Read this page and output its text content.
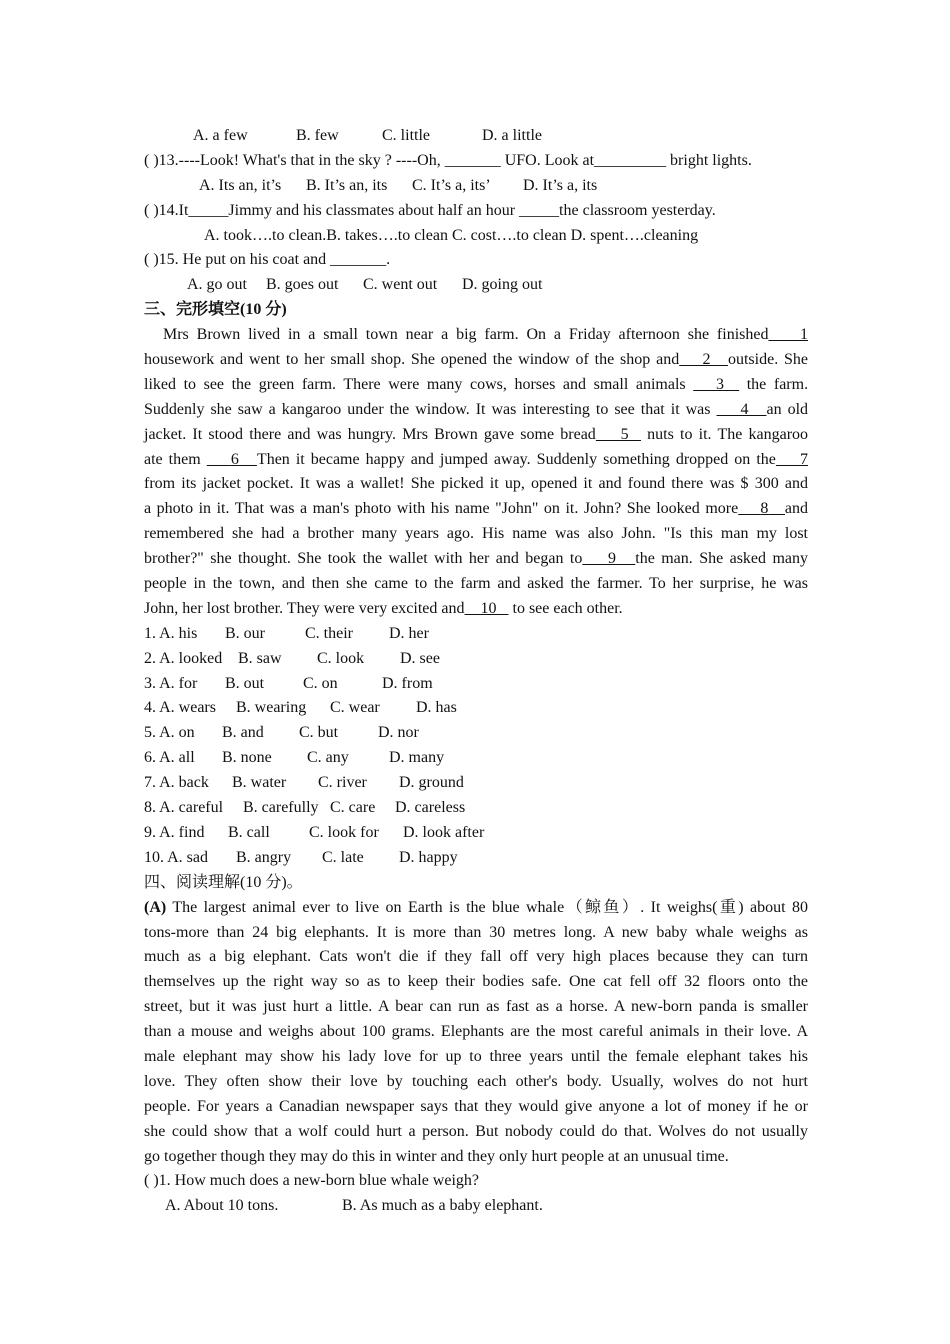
A. a few	B. few	C. little	D. a little
( )13.----Look! What's that in the sky ? ----Oh, _______ UFO. Look at_________ bright lights.
A. Its an, it’s B. It’s an, its C. It’s a, its’ D. It’s a, its
( )14.It_____Jimmy and his classmates about half an hour _____the classroom yesterday.
A. took….to clean.B. takes….to clean C. cost….to clean D. spent….cleaning
( )15. He put on his coat and _______.
A. go out B. goes out C. went out D. going out
三、完形填空(10 分)
Mrs Brown lived in a small town near a big farm. On a Friday afternoon she finished 1
housework and went to her small shop. She opened the window of the shop and 2 outside. She
liked to see the green farm. There were many cows, horses and small animals 3 the farm.
Suddenly she saw a kangaroo under the window. It was interesting to see that it was 4 an old
jacket. It stood there and was hungry. Mrs Brown gave some bread 5   nuts to it. The kangaroo
ate them 6 Then it became happy and jumped away. Suddenly something dropped on the 7
from its jacket pocket. It was a wallet! She picked it up, opened it and found there was $ 300 and
a photo in it. That was a man's photo with his name "John" on it. John? She looked more 8 and
remembered she had a brother many years ago. His name was also John. "Is this man my lost
brother?" she thought. She took the wallet with her and began to 9 the man. She asked many
people in the town, and then she came to the farm and asked the farmer. To her surprise, he was
John, her lost brother. They were very excited and 10    to see each other.
1. A. his B. our	C. their D. her
2. A. looked B. saw C. look D. see
3. A. for B. out C. on	D. from
4. A. wears B. wearing C. wear D. has
5. A. on B. and C. but D. nor
6. A. all B. none C. any	D. many
7. A. back B. water C. river D. ground
8. A. careful B. carefully C. care D. careless
9. A. find B. call C. look for D. look after
10. A. sad B. angry C. late D. happy
四、阅读理解(10 分)。
(A) The largest animal ever to live on Earth is the blue whale（鲸鱼）. It weighs(重) about 80
tons-more than 24 big elephants. It is more than 30 metres long. A new baby whale weighs as
much as a big elephant. Cats won't die if they fall off very high places because they can turn
themselves up the right way so as to keep their bodies safe. One cat fell off 32 floors onto the
street, but it was just hurt a little. A bear can run as fast as a horse. A new-born panda is smaller
than a mouse and weighs about 100 grams. Elephants are the most careful animals in their love. A
male elephant may show his lady love for up to three years until the female elephant takes his
love. They often show their love by touching each other's body. Usually, wolves do not hurt
people. For years a Canadian newspaper says that they would give anyone a lot of money if he or
she could show that a wolf could hurt a person. But nobody could do that. Wolves do not usually
go together though they may do this in winter and they only hurt people at an unusual time.
( )1. How much does a new-born blue whale weigh?
A. About 10 tons.	B. As much as a baby elephant.
